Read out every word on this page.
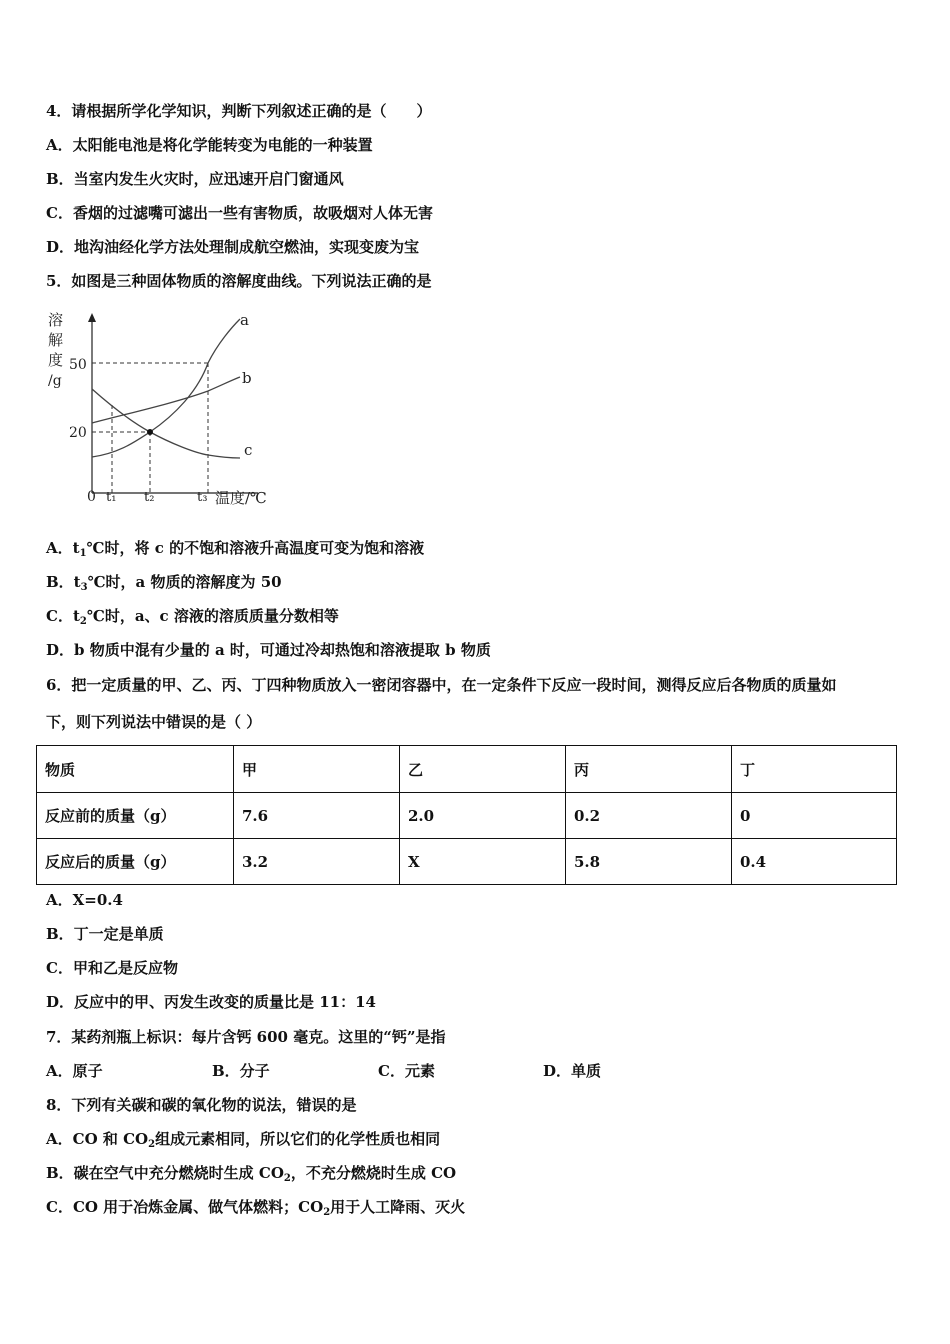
4．请根据所学化学知识，判断下列叙述正确的是（　　）
A．太阳能电池是将化学能转变为电能的一种装置
B．当室内发生火灾时，应迅速开启门窗通风
C．香烟的过滤嘴可滤出一些有害物质，故吸烟对人体无害
D．地沟油经化学方法处理制成航空燃油，实现变废为宝
5．如图是三种固体物质的溶解度曲线。下列说法正确的是
溶
解
度
/g
50
20
0 t₁ t₂	t₃ 温度/℃
a
b
c
A．$t_1℃$时，将 c 的不饱和溶液升高温度可变为饱和溶液
B．$t_3℃$时，a 物质的溶解度为 50
C．$t_2℃$时，a、c 溶液的溶质质量分数相等
D．b 物质中混有少量的 a 时，可通过冷却热饱和溶液提取 b 物质
6．把一定质量的甲、乙、丙、丁四种物质放入一密闭容器中，在一定条件下反应一段时间，测得反应后各物质的质量如
下，则下列说法中错误的是（ ）
物质	甲	乙	丙	丁
反应前的质量（g）	7.6	2.0	0.2	0
反应后的质量（g）	3.2	X	5.8	0.4
A．X=0.4
B．丁一定是单质
C．甲和乙是反应物
D．反应中的甲、丙发生改变的质量比是 11：14
7．某药剂瓶上标识：每片含钙 600 毫克。这里的“钙”是指
A．原子	B．分子	C．元素	D．单质
8．下列有关碳和碳的氧化物的说法，错误的是
A．CO 和 $CO_2$组成元素相同，所以它们的化学性质也相同
B．碳在空气中充分燃烧时生成 $CO_2$，不充分燃烧时生成 CO
C．CO 用于冶炼金属、做气体燃料；$CO_2$用于人工降雨、灭火
